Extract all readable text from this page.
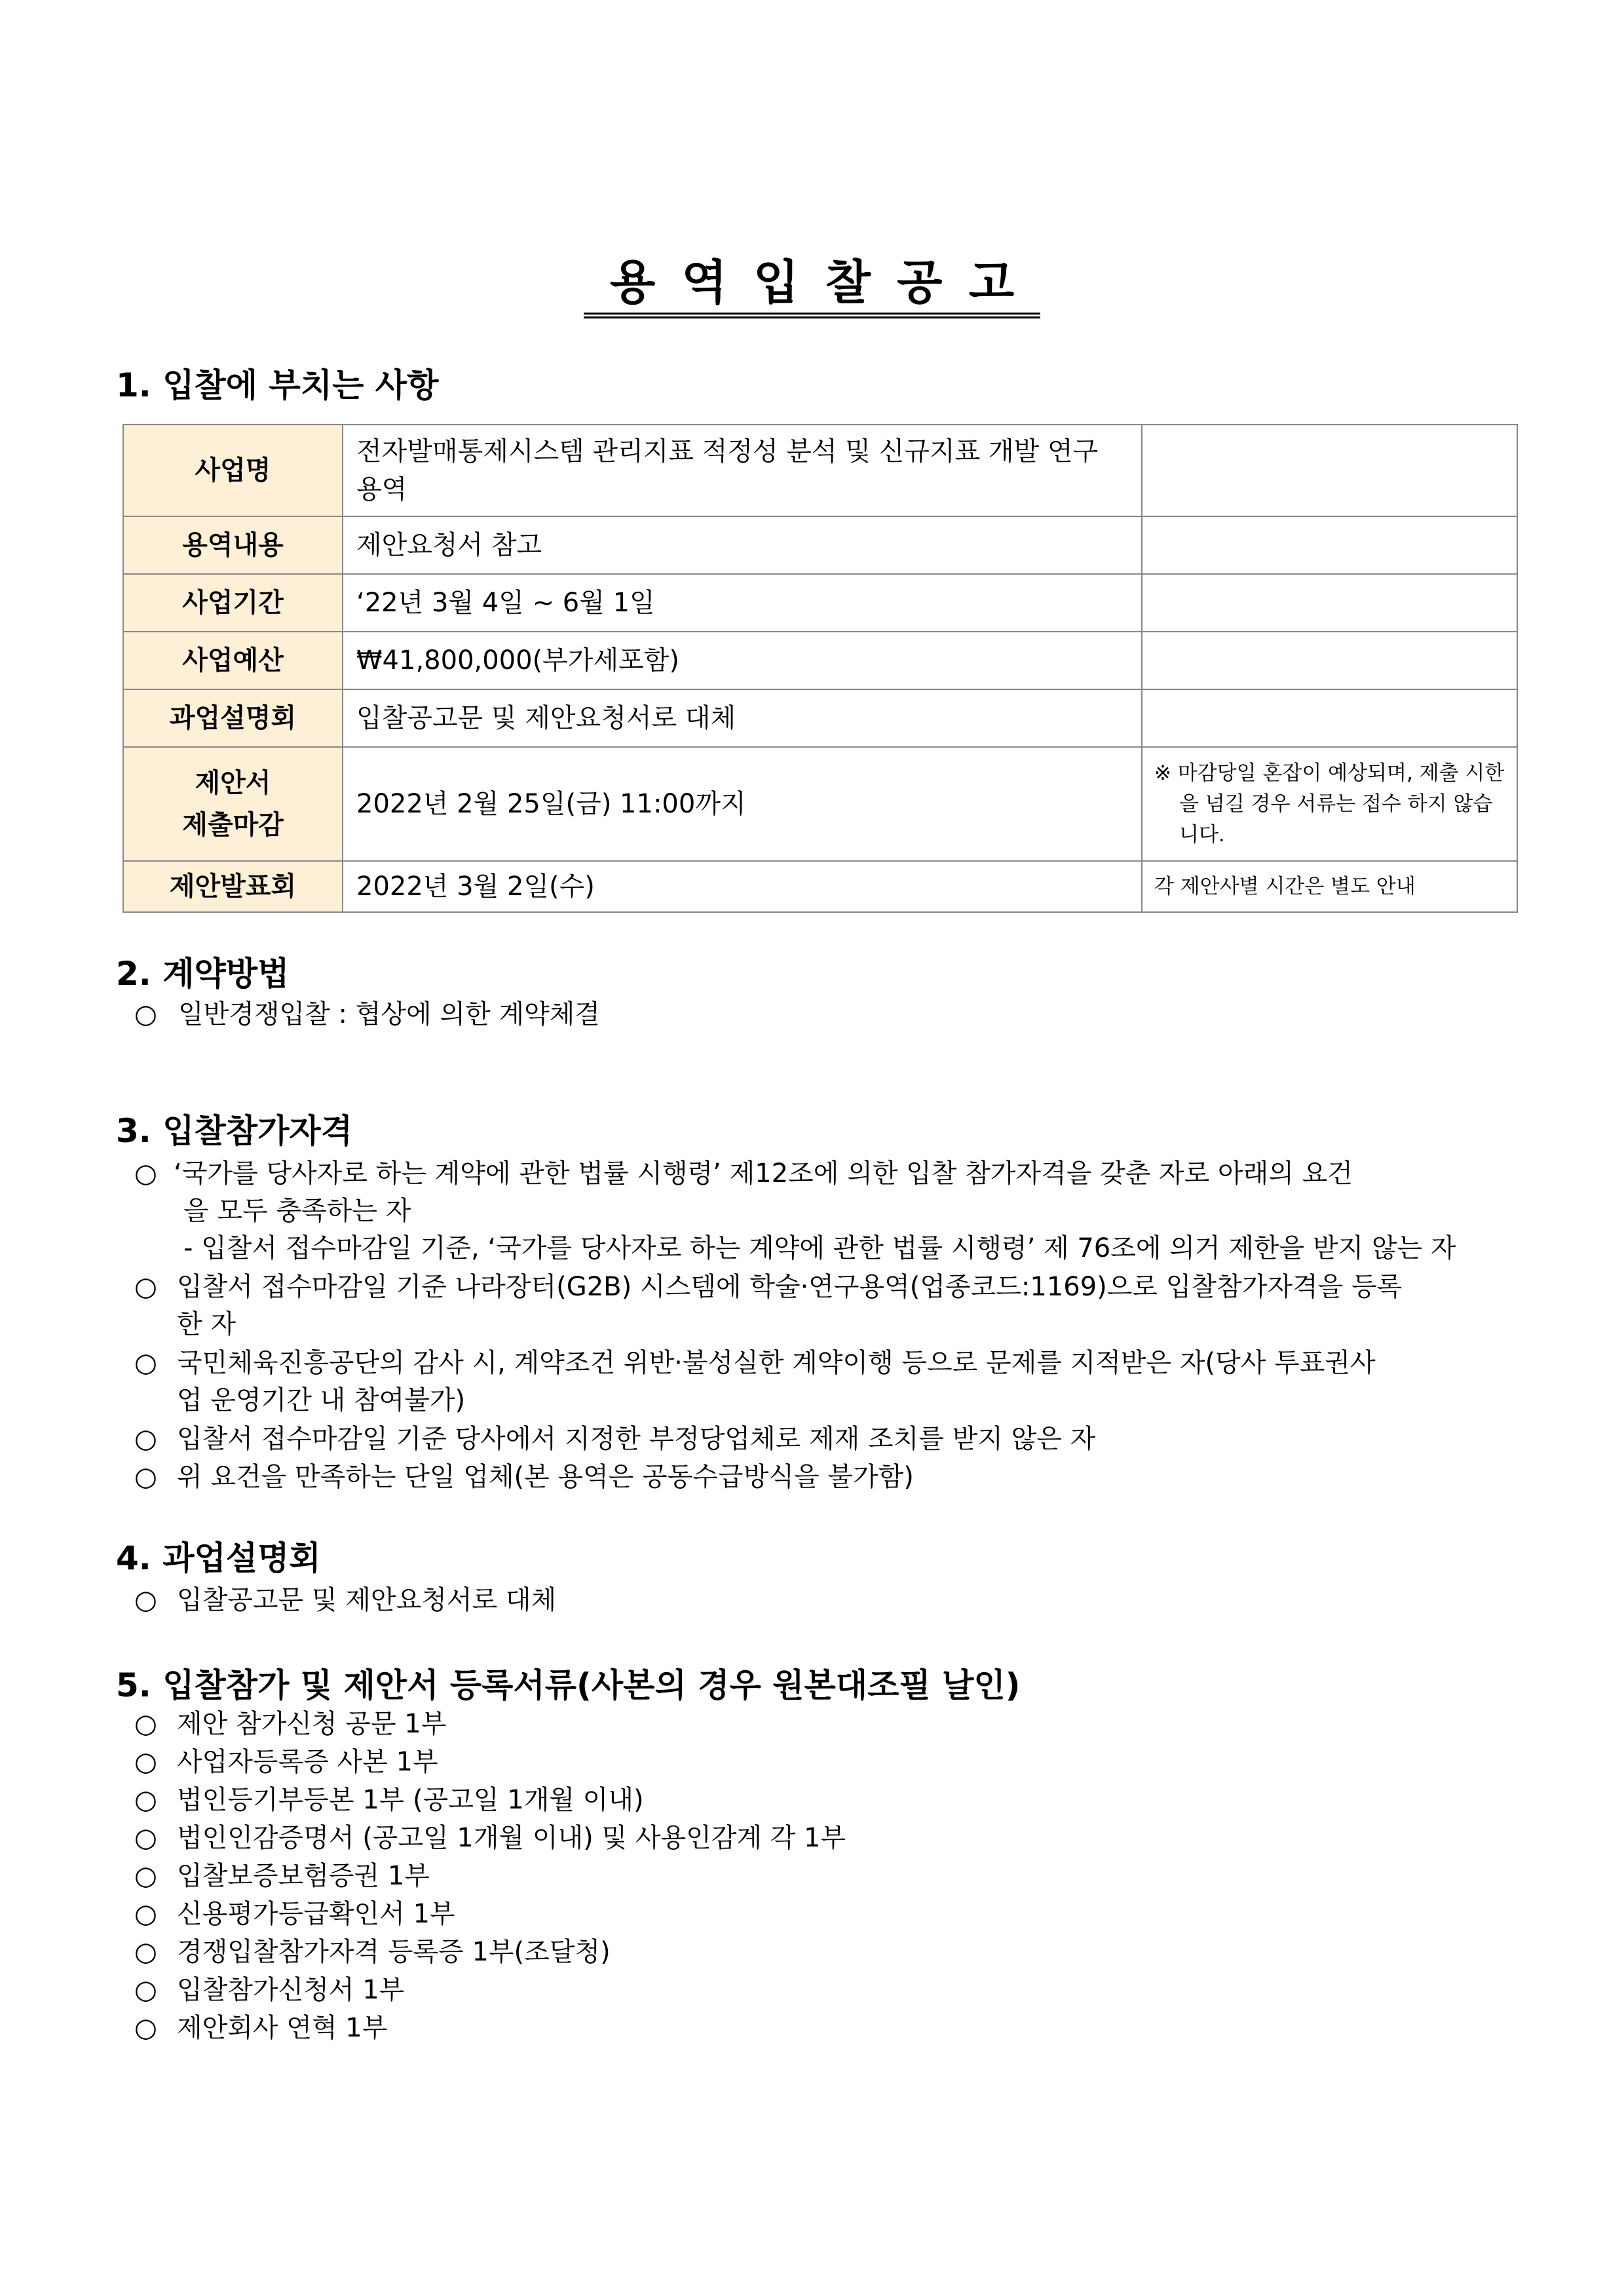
용역입찰공고
1. 입찰에 부치는 사항
사업명	전자발매통제시스템 관리지표 적정성 분석 및 신규지표 개발 연구 용역	
용역내용	제안요청서 참고	
사업기간	‘22년 3월 4일 ~ 6월 1일	
사업예산	₩41,800,000(부가세포함)	
과업설명회	입찰공고문 및 제안요청서로 대체	

제안서
제출마감	2022년 2월 25일(금) 11:00까지	※ 마감당일 혼잡이 예상되며, 제출 시한을 넘길 경우 서류는 접수 하지 않습니다.

제안발표회	2022년 3월 2일(수)	각 제안사별 시간은 별도 안내
2. 계약방법
○ 일반경쟁입찰 : 협상에 의한 계약체결
3. 입찰참가자격
○ ‘국가를 당사자로 하는 계약에 관한 법률 시행령’ 제12조에 의한 입찰 참가자격을 갖춘 자로 아래의 요건
을 모두 충족하는 자
- 입찰서 접수마감일 기준, ‘국가를 당사자로 하는 계약에 관한 법률 시행령’ 제 76조에 의거 제한을 받지 않는 자
○ 입찰서 접수마감일 기준 나라장터(G2B) 시스템에 학술·연구용역(업종코드:1169)으로 입찰참가자격을 등록
한 자
○ 국민체육진흥공단의 감사 시, 계약조건 위반·불성실한 계약이행 등으로 문제를 지적받은 자(당사 투표권사
업 운영기간 내 참여불가)
○ 입찰서 접수마감일 기준 당사에서 지정한 부정당업체로 제재 조치를 받지 않은 자
○ 위 요건을 만족하는 단일 업체(본 용역은 공동수급방식을 불가함)
4. 과업설명회
○ 입찰공고문 및 제안요청서로 대체
5. 입찰참가 및 제안서 등록서류(사본의 경우 원본대조필 날인)
○ 제안 참가신청 공문 1부
○ 사업자등록증 사본 1부
○ 법인등기부등본 1부 (공고일 1개월 이내)
○ 법인인감증명서 (공고일 1개월 이내) 및 사용인감계 각 1부
○ 입찰보증보험증권 1부
○ 신용평가등급확인서 1부
○ 경쟁입찰참가자격 등록증 1부(조달청)
○ 입찰참가신청서 1부
○ 제안회사 연혁 1부
